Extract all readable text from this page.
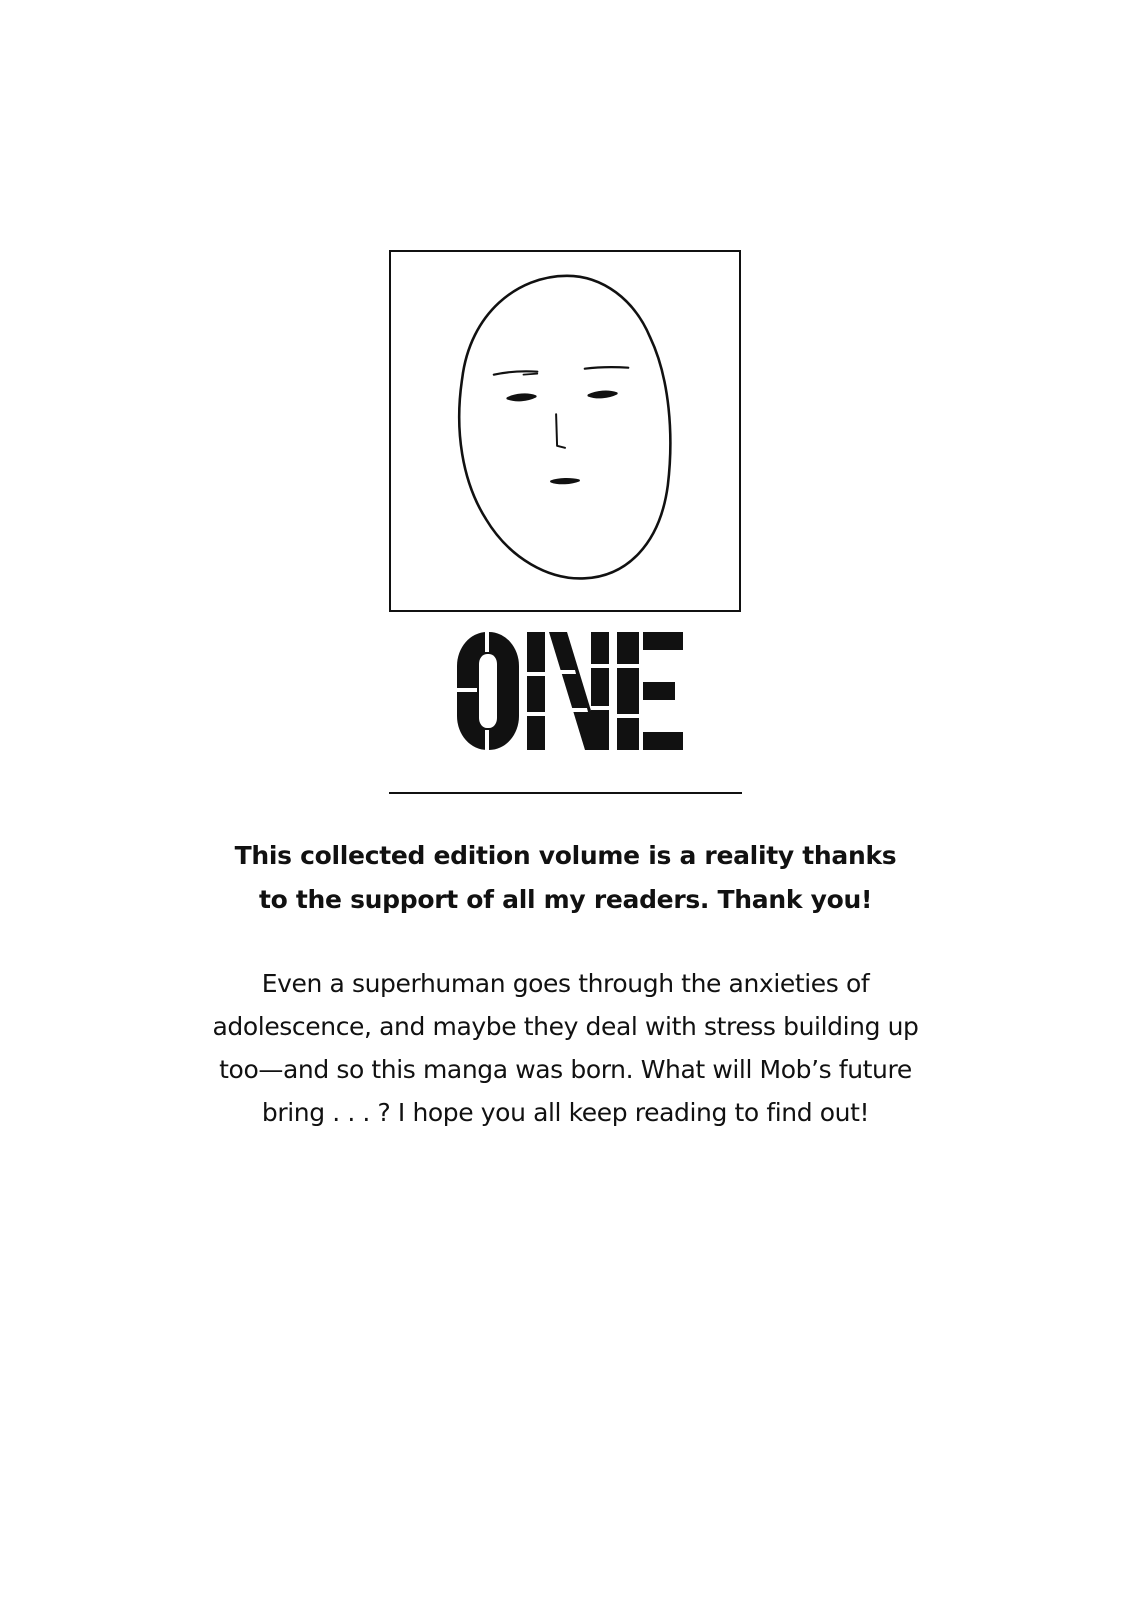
This collected edition volume is a reality thanks
to the support of all my readers. Thank you!

Even a superhuman goes through the anxieties of
adolescence, and maybe they deal with stress building up
too—and so this manga was born. What will Mob’s future
bring . . . ? I hope you all keep reading to find out!
